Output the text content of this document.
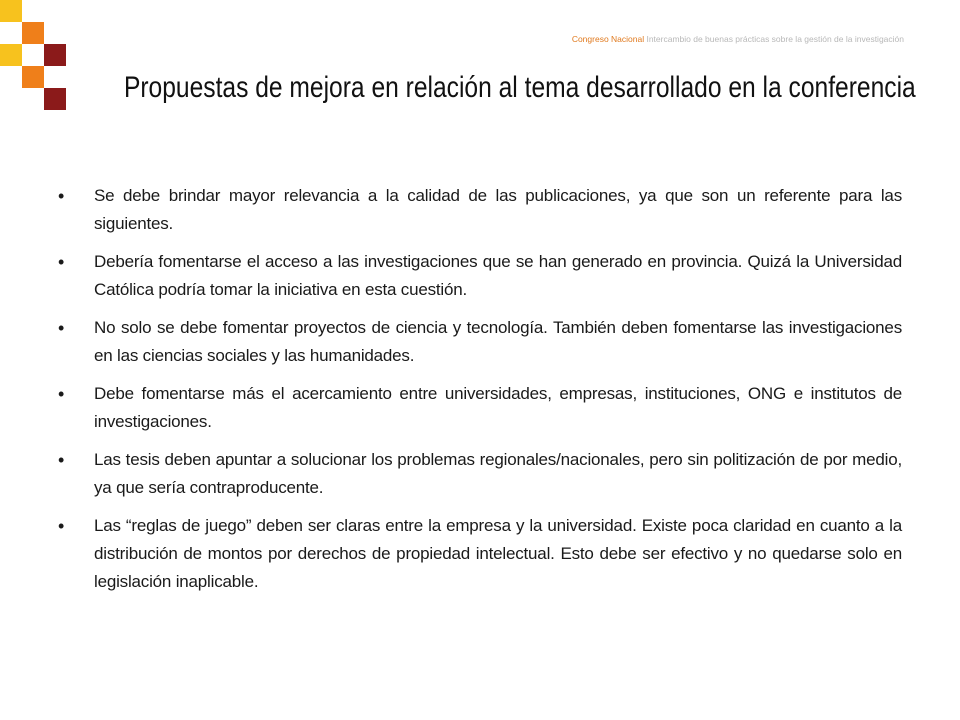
Congreso Nacional Intercambio de buenas prácticas sobre la gestión de la investigación
Propuestas de mejora en relación al tema desarrollado en la conferencia
•	Se debe brindar mayor relevancia a la calidad de las publicaciones, ya que son un referente para las siguientes.
•	Debería fomentarse el acceso a las investigaciones que se han generado en provincia. Quizá la Universidad Católica podría tomar la iniciativa en esta cuestión.
•	No solo se debe fomentar proyectos de ciencia y tecnología. También deben fomentarse las investigaciones en las ciencias sociales y las humanidades.
•	Debe fomentarse más el acercamiento entre universidades, empresas, instituciones, ONG e institutos de investigaciones.
•	Las tesis deben apuntar a solucionar los problemas regionales/nacionales, pero sin politización de por medio, ya que sería contraproducente.
•	Las “reglas de juego” deben ser claras entre la empresa y la universidad. Existe poca claridad en cuanto a la distribución de montos por derechos de propiedad intelectual. Esto debe ser efectivo y no quedarse solo en legislación inaplicable.
